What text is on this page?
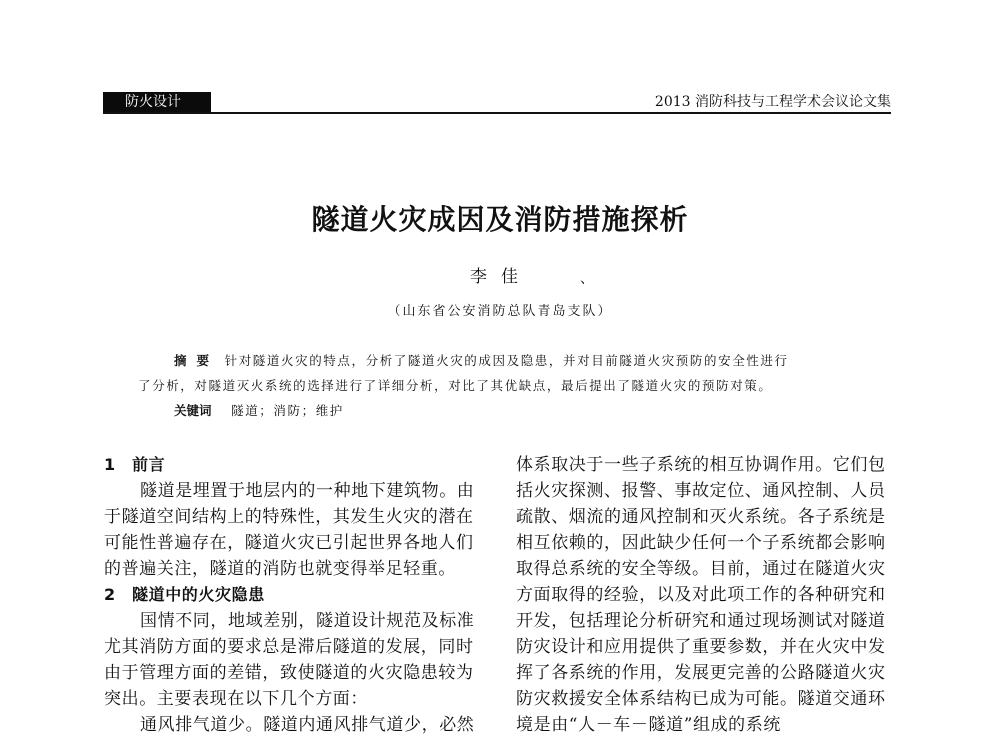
防火设计	2013 消防科技与工程学术会议论文集
隧道火灾成因及消防措施探析
李佳	、
（山东省公安消防总队青岛支队）
摘要 针对隧道火灾的特点，分析了隧道火灾的成因及隐患，并对目前隧道火灾预防的安全性进行
了分析，对隧道灭火系统的选择进行了详细分析，对比了其优缺点，最后提出了隧道火灾的预防对策。
关键词 隧道；消防；维护
1 前言

隧道是埋置于地层内的一种地下建筑物。由

于隧道空间结构上的特殊性，其发生火灾的潜在

可能性普遍存在，隧道火灾已引起世界各地人们

的普遍关注，隧道的消防也就变得举足轻重。

2 隧道中的火灾隐患

国情不同，地域差别，隧道设计规范及标准

尤其消防方面的要求总是滞后隧道的发展，同时

由于管理方面的差错，致使隧道的火灾隐患较为

突出。主要表现在以下几个方面：

通风排气道少。隧道内通风排气道少，必然

体系取决于一些子系统的相互协调作用。它们包

括火灾探测、报警、事故定位、通风控制、人员

疏散、烟流的通风控制和灭火系统。各子系统是

相互依赖的，因此缺少任何一个子系统都会影响

取得总系统的安全等级。目前，通过在隧道火灾

方面取得的经验，以及对此项工作的各种研究和

开发，包括理论分析研究和通过现场测试对隧道

防灾设计和应用提供了重要参数，并在火灾中发

挥了各系统的作用，发展更完善的公路隧道火灾

防灾救援安全体系结构已成为可能。隧道交通环

境是由“人－车－隧道”组成的系统
